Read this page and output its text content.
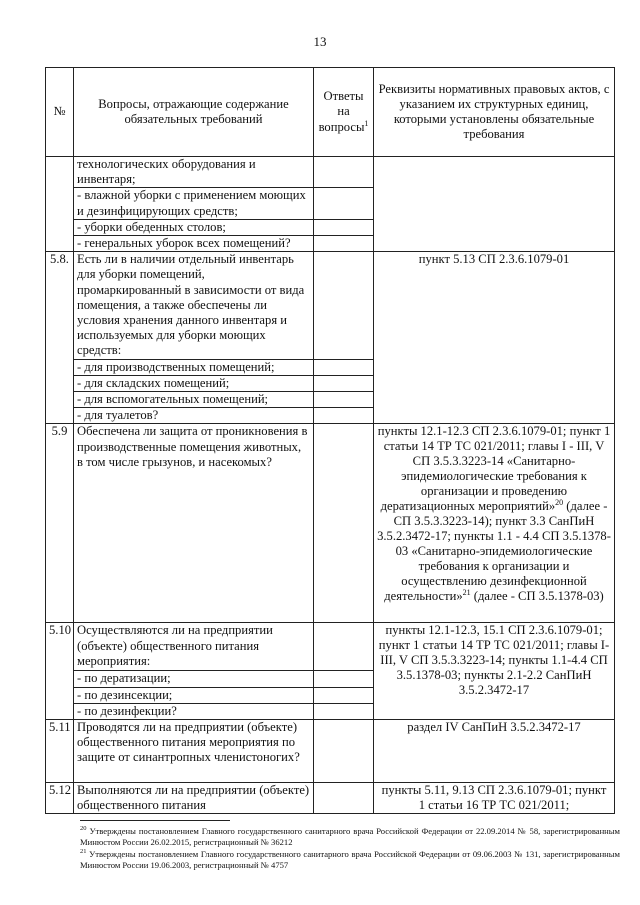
13
№	Вопросы, отражающие содержание обязательных требований	Ответы на вопросы$^1$	Реквизиты нормативных правовых актов, с указанием их структурных единиц, которыми установлены обязательные требования
	технологических оборудования и инвентаря;		
	- влажной уборки с применением моющих и дезинфицирующих средств;		
	- уборки обеденных столов;		
	- генеральных уборок всех помещений?		
5.8.	Есть ли в наличии отдельный инвентарь для уборки помещений, промаркированный в зависимости от вида помещения, а также обеспечены ли условия хранения данного инвентаря и используемых для уборки моющих средств:		пункт 5.13 СП 2.3.6.1079-01
	- для производственных помещений;		
	- для складских помещений;		
	- для вспомогательных помещений;		
	- для туалетов?		
5.9	Обеспечена ли защита от проникновения в производственные помещения животных, в том числе грызунов, и насекомых?		пункты 12.1-12.3 СП 2.3.6.1079-01; пункт 1 статьи 14 ТР ТС 021/2011; главы I - III, V СП 3.5.3.3223-14 «Санитарно-эпидемиологические требования к организации и проведению дератизационных мероприятий»$^{20}$ (далее - СП 3.5.3.3223-14); пункт 3.3 СанПиН 3.5.2.3472-17; пункты 1.1 - 4.4 СП 3.5.1378-03 «Санитарно-эпидемиологические требования к организации и осуществлению дезинфекционной деятельности»$^{21}$ (далее - СП 3.5.1378-03)
5.10	Осуществляются ли на предприятии (объекте) общественного питания мероприятия:		пункты 12.1-12.3, 15.1 СП 2.3.6.1079-01; пункт 1 статьи 14 ТР ТС 021/2011; главы I-III, V СП 3.5.3.3223-14; пункты 1.1-4.4 СП 3.5.1378-03; пункты 2.1-2.2 СанПиН 3.5.2.3472-17
	- по дератизации;		
	- по дезинсекции;		
	- по дезинфекции?		
5.11	Проводятся ли на предприятии (объекте) общественного питания мероприятия по защите от синантропных членистоногих?		раздел IV СанПиН 3.5.2.3472-17
5.12	Выполняются ли на предприятии (объекте) общественного питания		пункты 5.11, 9.13 СП 2.3.6.1079-01; пункт 1 статьи 16 ТР ТС 021/2011;
$^{20}$ Утверждены постановлением Главного государственного санитарного врача Российской Федерации от 22.09.2014 № 58, зарегистрированным Минюстом России 26.02.2015, регистрационный № 36212
$^{21}$ Утверждены постановлением Главного государственного санитарного врача Российской Федерации от 09.06.2003 № 131, зарегистрированным Минюстом России 19.06.2003, регистрационный № 4757
